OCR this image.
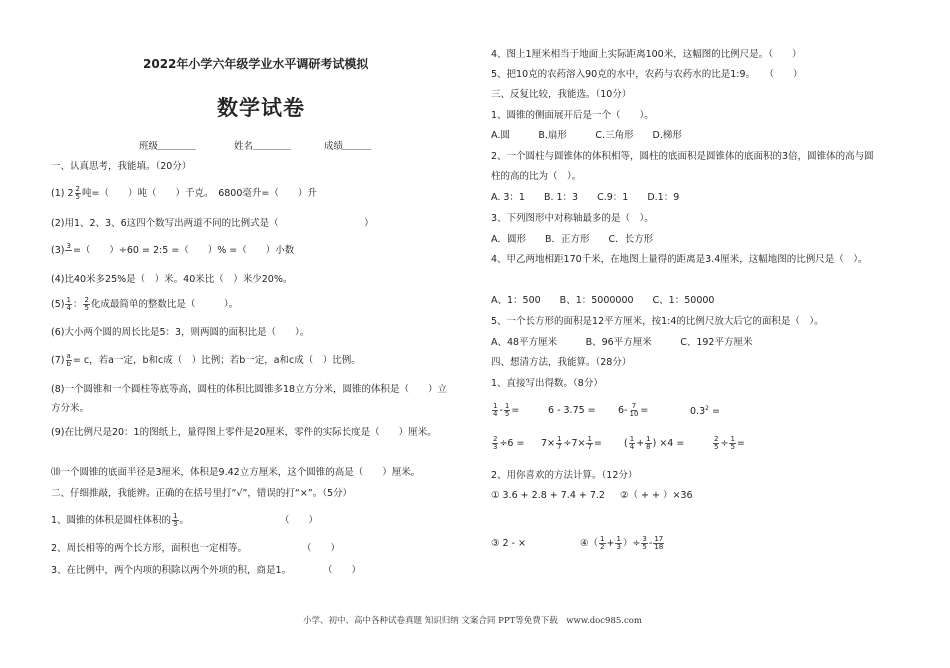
2022年小学六年级学业水平调研考试模拟
数学试卷
班级＿＿＿＿	姓名＿＿＿＿	成绩＿＿＿
一、认真思考，我能填。（20分）
(1) $2 \frac{2}{5}$ 吨=（　　）吨（　　）千克。　6800毫升=（　　）升
(2)用1、2、3、6这四个数写出两道不同的比例式是（　　　　　　　　　）
(3) 3
=（　　）÷60 = 2:5 =（　　）% =（　　）小数
(4)比40米多25%是（　）米。40米比（　）米少20%。
$(5) \frac{1}{4}$ ： $\frac{2}{5}$ 化成最简单的整数比是（　　　）。
(6)大小两个圆的周长比是5：3，则两圆的面积比是（　　）。
$(7) \frac{a}{b} = c$，若a一定，b和c成（　）比例；若b一定，a和c成（　）比例。
(8)一个圆锥和一个圆柱等底等高，圆柱的体积比圆锥多18立方分米，圆锥的体积是（　　）立
方分米。
(9)在比例尺是20：1的图纸上，量得图上零件是20厘米，零件的实际长度是（　　）厘米。
⑽一个圆锥的底面半径是3厘米，体积是9.42立方厘米，这个圆锥的高是（　　）厘米。
二、仔细推敲，我能辨。正确的在括号里打“√”，错误的打“×”。（5分）
1、圆锥的体积是圆柱体积的 $\frac{1}{3}$ 。	（　　）
2、周长相等的两个长方形，面积也一定相等。	（　　）
3、在比例中，两个内项的积除以两个外项的积，商是1。	（　　）
4、图上1厘米相当于地面上实际距离100米，这幅图的比例尺是。（　　）
5、把10克的农药溶入90克的水中，农药与农药水的比是1:9。　　（　　）
三、反复比较，我能选。（10分）
1、圆锥的侧面展开后是一个（　　）。
A.圆　　　B.扇形　　　C.三角形　　D.梯形
2、一个圆柱与圆锥体的体积相等，圆柱的底面积是圆锥体的底面积的3倍，圆锥体的高与圆
柱的高的比为（　）。
A. 3：1　　B. 1：3　　C.9：1　　D.1：9
3、下列图形中对称轴最多的是（　）。
A．圆形　　B．正方形　　C．长方形
4、甲乙两地相距170千米，在地图上量得的距离是3.4厘米，这幅地图的比例尺是（　）。
A、1：500　　B、1：5000000　　C、1：50000
5、一个长方形的面积是12平方厘米，按1:4的比例尺放大后它的面积是（　）。
A、48平方厘米　　　B、96平方厘米　　　C、192平方厘米
四、想清方法，我能算。（28分）
1、直接写出得数。（8分）
$\frac{1}{4} - \frac{1}{5}$ =	$6 - 3.75 = 6- \frac{7}{10}$ =	$0.3^2$ =
$\frac{2}{3} \div 6 = 7\times \frac{1}{7} \div 7\times \frac{1}{7}$ = ( $\frac{1}{4} + \frac{1}{8}$ ) ×4 =	$\frac{2}{5} \div \frac{1}{5}$ =
2、用你喜欢的方法计算。（12分）
① 3.6 + 2.8 + 7.4 + 7.2 ②（ + + ）×36
③ 2 - ×	④（ $\frac{1}{2} + \frac{1}{3}$ ）÷ $\frac{3}{5} - \frac{17}{18}$
小学、初中、高中各种试卷真题 知识归纳 文案合同 PPT等免费下载　www.doc985.com
